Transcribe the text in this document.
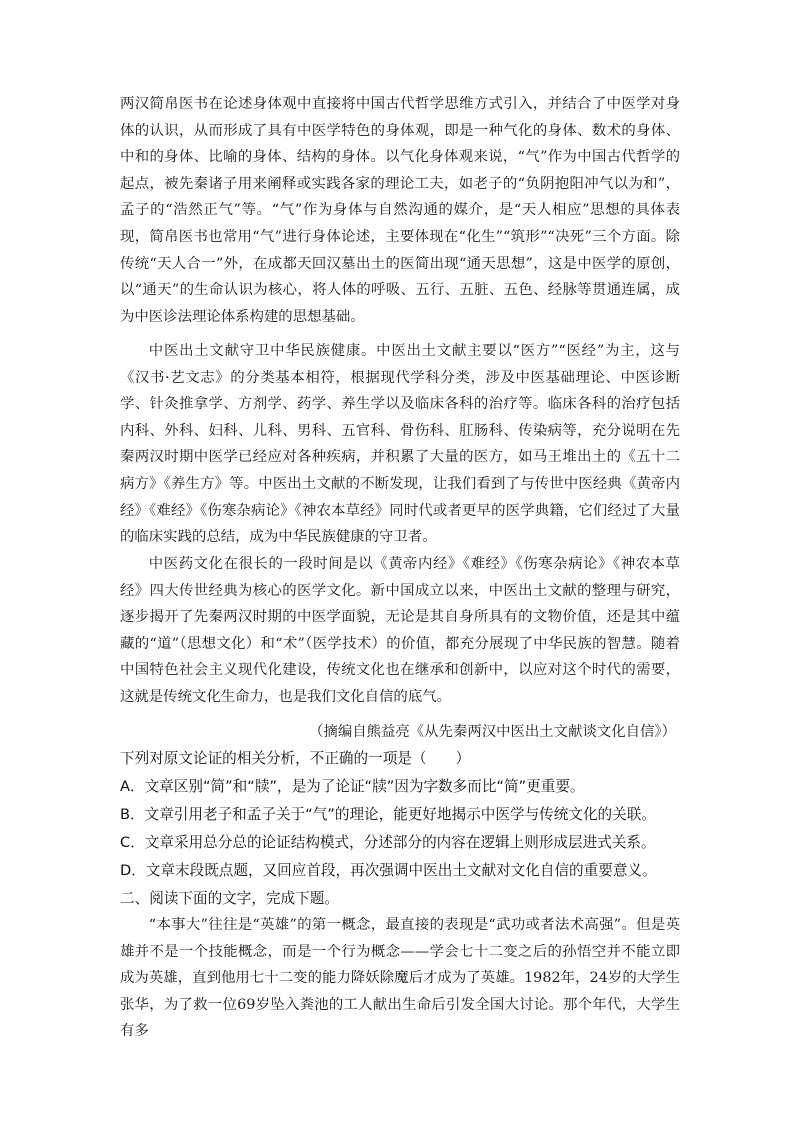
两汉简帛医书在论述身体观中直接将中国古代哲学思维方式引入，并结合了中医学对身体的认识，从而形成了具有中医学特色的身体观，即是一种气化的身体、数术的身体、中和的身体、比喻的身体、结构的身体。以气化身体观来说，“气”作为中国古代哲学的起点，被先秦诸子用来阐释或实践各家的理论工夫，如老子的“负阴抱阳冲气以为和”，孟子的“浩然正气”等。“气”作为身体与自然沟通的媒介，是“天人相应”思想的具体表现，简帛医书也常用“气”进行身体论述，主要体现在“化生”“筑形”“决死”三个方面。除传统“天人合一”外，在成都天回汉墓出土的医简出现“通天思想”，这是中医学的原创，以“通天”的生命认识为核心，将人体的呼吸、五行、五脏、五色、经脉等贯通连属，成为中医诊法理论体系构建的思想基础。
中医出土文献守卫中华民族健康。中医出土文献主要以“医方”“医经”为主，这与《汉书·艺文志》的分类基本相符，根据现代学科分类，涉及中医基础理论、中医诊断学、针灸推拿学、方剂学、药学、养生学以及临床各科的治疗等。临床各科的治疗包括内科、外科、妇科、儿科、男科、五官科、骨伤科、肛肠科、传染病等，充分说明在先秦两汉时期中医学已经应对各种疾病，并积累了大量的医方，如马王堆出土的《五十二病方》《养生方》等。中医出土文献的不断发现，让我们看到了与传世中医经典《黄帝内经》《难经》《伤寒杂病论》《神农本草经》同时代或者更早的医学典籍，它们经过了大量的临床实践的总结，成为中华民族健康的守卫者。
中医药文化在很长的一段时间是以《黄帝内经》《难经》《伤寒杂病论》《神农本草经》四大传世经典为核心的医学文化。新中国成立以来，中医出土文献的整理与研究，逐步揭开了先秦两汉时期的中医学面貌，无论是其自身所具有的文物价值，还是其中蕴藏的“道”（思想文化）和“术”（医学技术）的价值，都充分展现了中华民族的智慧。随着中国特色社会主义现代化建设，传统文化也在继承和创新中，以应对这个时代的需要，这就是传统文化生命力，也是我们文化自信的底气。
（摘编自熊益亮《从先秦两汉中医出土文献谈文化自信》）
下列对原文论证的相关分析，不正确的一项是（　　）
A．文章区别“简”和“牍”，是为了论证“牍”因为字数多而比“简”更重要。
B．文章引用老子和孟子关于“气”的理论，能更好地揭示中医学与传统文化的关联。
C．文章采用总分总的论证结构模式，分述部分的内容在逻辑上则形成层进式关系。
D．文章末段既点题，又回应首段，再次强调中医出土文献对文化自信的重要意义。
二、阅读下面的文字，完成下题。
“本事大”往往是“英雄”的第一概念，最直接的表现是“武功或者法术高强”。但是英雄并不是一个技能概念，而是一个行为概念——学会七十二变之后的孙悟空并不能立即成为英雄，直到他用七十二变的能力降妖除魔后才成为了英雄。1982年，24岁的大学生张华，为了救一位69岁坠入粪池的工人献出生命后引发全国大讨论。那个年代，大学生有多
